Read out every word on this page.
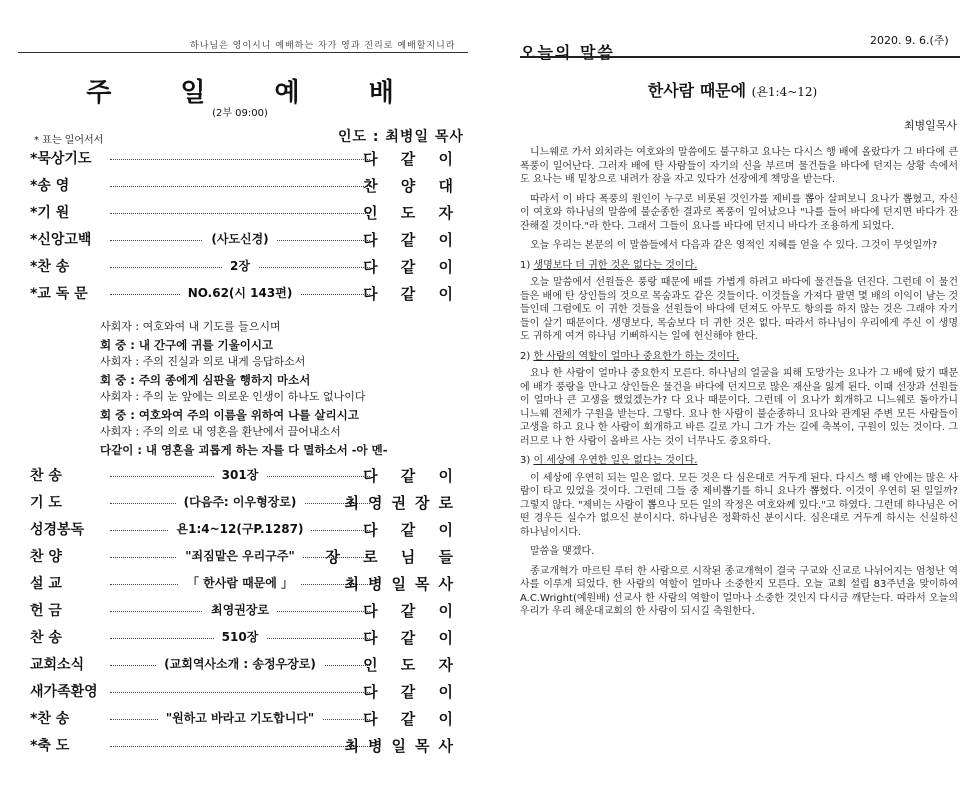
하나님은 영이시니 예배하는 자가 영과 진리로 예배할지니라
주 일 예 배
(2부 09:00)
* 표는 일어서서	인도 : 최병일 목사
*묵상기도	다 같 이
*송 영	찬 양 대
*기 원	인 도 자
*신앙고백	(사도신경)	다 같 이
*찬 송	2장	다 같 이
*교 독 문	NO.62(시 143편)	다 같 이
사회자 : 여호와여 내 기도를 들으시며
회 중 : 내 간구에 귀를 기울이시고
사회자 : 주의 진실과 의로 내게 응답하소서
회 중 : 주의 종에게 심판을 행하지 마소서
사회자 : 주의 눈 앞에는 의로운 인생이 하나도 없나이다
회 중 : 여호와여 주의 이름을 위하여 나를 살리시고
사회자 : 주의 의로 내 영혼을 환난에서 끌어내소서
다같이 : 내 영혼을 괴롭게 하는 자를 다 멸하소서 -아 멘-
찬 송	301장	다 같 이
기 도	(다음주: 이우형장로)	최영권장로
성경봉독	욘1:4~12(구P.1287)	다 같 이
찬 양	"죄짐맡은 우리구주"	장 로 님 들
설 교	「 한사람 때문에 」	최병일목사
헌 금	최영권장로	다 같 이
찬 송	510장	다 같 이
교회소식	(교회역사소개 : 송정우장로)	인 도 자
새가족환영	다 같 이
*찬 송	"원하고 바라고 기도합니다"	다 같 이
*축 도	최병일목사
오늘의 말씀
2020. 9. 6.(주)
한사람 때문에 (욘1:4~12)
최병일목사

니느웨로 가서 외치라는 여호와의 말씀에도 불구하고 요나는 다시스 행 배에 올랐다가 그 바다에 큰 폭풍이 일어난다. 그러자 배에 탄 사람들이 자기의 신을 부르며 물건들을 바다에 던지는 상황 속에서도 요나는 배 밑창으로 내려가 잠을 자고 있다가 선장에게 책망을 받는다.

따라서 이 바다 폭풍의 원인이 누구로 비롯된 것인가를 제비를 뽑아 살펴보니 요나가 뽑혔고, 자신이 여호와 하나님의 말씀에 불순종한 결과로 폭풍이 일어났으나 "나를 들어 바다에 던지면 바다가 잔잔해질 것이다."라 한다. 그래서 그들이 요나를 바다에 던지니 바다가 조용하게 되었다.

오늘 우리는 본문의 이 말씀들에서 다음과 같은 영적인 지혜를 얻을 수 있다. 그것이 무엇일까?

1) 생명보다 더 귀한 것은 없다는 것이다.

오늘 말씀에서 선원들은 풍랑 때문에 배를 가볍게 하려고 바다에 물건들을 던진다. 그런데 이 물건들은 배에 탄 상인들의 것으로 목숨과도 같은 것들이다. 이것들을 가져다 팔면 몇 배의 이익이 남는 것들인데 그럼에도 이 귀한 것들을 선원들이 바다에 던져도 아무도 항의를 하지 않는 것은 그래야 자기들이 살기 때문이다. 생명보다, 목숨보다 더 귀한 것은 없다. 따라서 하나님이 우리에게 주신 이 생명도 귀하게 여겨 하나님 기뻐하시는 일에 헌신해야 한다.

2) 한 사람의 역할이 얼마나 중요한가 하는 것이다.

요나 한 사람이 얼마나 중요한지 모른다. 하나님의 얼굴을 피해 도망가는 요나가 그 배에 탔기 때문에 배가 풍랑을 만나고 상인들은 물건을 바다에 던지므로 많은 재산을 잃게 된다. 이때 선장과 선원들이 얼마나 큰 고생을 했었겠는가? 다 요나 때문이다. 그런데 이 요나가 회개하고 니느웨로 돌아가니 니느웨 전체가 구원을 받는다. 그렇다. 요나 한 사람이 불순종하니 요나와 관계된 주변 모든 사람들이 고생을 하고 요나 한 사람이 회개하고 바른 길로 가니 그가 가는 길에 축복이, 구원이 있는 것이다. 그러므로 나 한 사람이 올바르 사는 것이 너무나도 중요하다.

3) 이 세상에 우연한 일은 없다는 것이다.

이 세상에 우연히 되는 일은 없다. 모든 것은 다 심은대로 거두게 된다. 다시스 행 배 안에는 많은 사람이 타고 있었을 것이다. 그런데 그들 중 제비뽑기를 하니 요나가 뽑혔다. 이것이 우연히 된 일일까? 그렇지 않다. "제비는 사람이 뽑으나 모든 일의 작정은 여호와께 있다."고 하였다. 그런데 하나님은 어떤 경우든 실수가 없으신 분이시다. 하나님은 정확하신 분이시다. 심은대로 거두게 하시는 신실하신 하나님이시다.

말씀을 맺겠다.

종교개혁가 마르틴 루터 한 사람으로 시작된 종교개혁이 결국 구교와 신교로 나뉘어지는 엄청난 역사를 이루게 되었다. 한 사람의 역할이 얼마나 소중한지 모른다. 오늘 교회 설립 83주년을 맞이하여 A.C.Wright(예원배) 선교사 한 사람의 역할이 얼마나 소중한 것인지 다시금 깨닫는다. 따라서 오늘의 우리가 우리 해운대교회의 한 사람이 되시길 축원한다.
